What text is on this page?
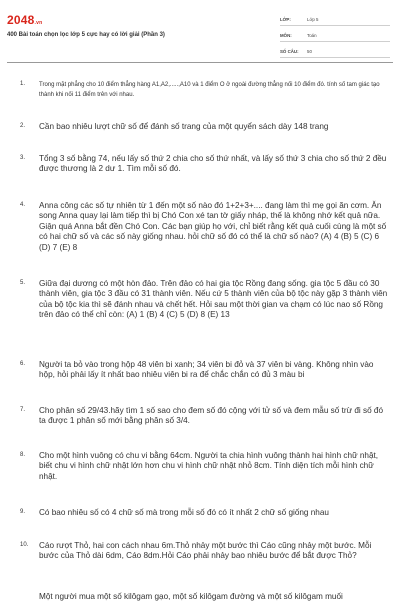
2048.vn
400 Bài toán chọn lọc lớp 5 cực hay có lời giải (Phần 3)
LỚP:	Lớp 5
MÔN:	Toán
SỐ CÂU:	50
1. Trong mặt phẳng cho 10 điểm thẳng hàng A1,A2,.....,A10 và 1 điểm O ở ngoài đường thẳng nối 10 điểm đó. tính số tam giác tạo thành khi nối 11 điểm trên với nhau.
2. Cần bao nhiêu lượt chữ số để đánh số trang của một quyển sách dày 148 trang
3. Tổng 3 số bằng 74, nếu lấy số thứ 2 chia cho số thứ nhất, và lấy số thứ 3 chia cho số thứ 2 đều được thương là 2 dư 1. Tìm mỗi số đó.
4. Anna công các số tự nhiên từ 1 đến một số nào đó 1+2+3+.... đang làm thì mẹ gọi ăn cơm. Ăn song Anna quay lại làm tiếp thì bị Chó Con xé tan tờ giấy nháp, thế là không nhớ kết quả nữa. Giận quá Anna bắt đền Chó Con. Các bạn giúp họ với, chỉ biết rằng kết quả cuối cùng là một số có hai chữ số và các số này giống nhau. hỏi chữ số đó có thể là chữ số nào? (A) 4 (B) 5 (C) 6 (D) 7 (E) 8
5. Giữa đại dương có một hòn đảo. Trên đảo có hai gia tộc Rồng đang sống. gia tộc 5 đầu có 30 thành viên, gia tộc 3 đầu có 31 thành viên. Nếu cứ 5 thành viên của bộ tộc này gặp 3 thành viên của bộ tộc kia thì sẽ đánh nhau và chết hết. Hỏi sau một thời gian va chạm có lúc nao số Rồng trên đảo có thể chỉ còn: (A) 1 (B) 4 (C) 5 (D) 8 (E) 13
6. Người ta bỏ vào trong hộp 48 viên bi xanh; 34 viên bi đỏ và 37 viên bi vàng. Không nhìn vào hộp, hỏi phải lấy ít nhất bao nhiêu viên bi ra để chắc chắn có đủ 3 màu bi
7. Cho phân số 29/43.hãy tìm 1 số sao cho đem số đó cộng với tử số và đem mẫu số trừ đi số đó ta được 1 phân số mới bằng phân số 3/4.
8. Cho một hình vuông có chu vi bằng 64cm. Người ta chia hình vuông thành hai hình chữ nhật, biết chu vi hình chữ nhật lớn hơn chu vi hình chữ nhật nhỏ 8cm. Tính diện tích mỗi hình chữ nhật.
9. Có bao nhiêu số có 4 chữ số mà trong mỗi số đó có ít nhất 2 chữ số giống nhau
10. Cáo rượt Thỏ, hai con cách nhau 6m.Thỏ nhảy một bước thì Cáo cũng nhảy một bước. Mỗi bước của Thỏ dài 6dm, Cáo 8dm.Hỏi Cáo phải nhảy bao nhiêu bước để bắt được Thỏ?
Một người mua một số kilôgam gạo, một số kilôgam đường và một số kilôgam muối
